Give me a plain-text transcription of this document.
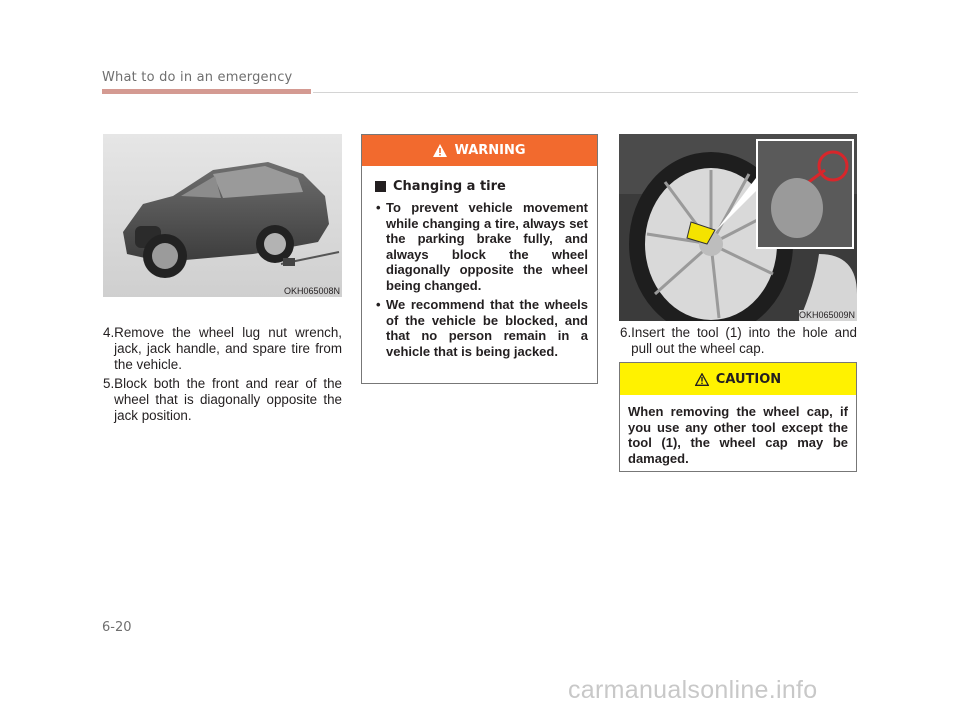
What to do in an emergency
OKH065008N
4. Remove the wheel lug nut wrench, jack, jack handle, and spare tire from the vehicle.
5. Block both the front and rear of the wheel that is diagonally opposite the jack position.
WARNING
Changing a tire
• To prevent vehicle movement while changing a tire, always set the parking brake fully, and always block the wheel diagonally opposite the wheel being changed.
• We recommend that the wheels of the vehicle be blocked, and that no person remain in a vehicle that is being jacked.
OKH065009N
6. Insert the tool (1) into the hole and pull out the wheel cap.
CAUTION
When removing the wheel cap, if you use any other tool except the tool (1), the wheel cap may be damaged.
6-20
carmanualsonline.info
